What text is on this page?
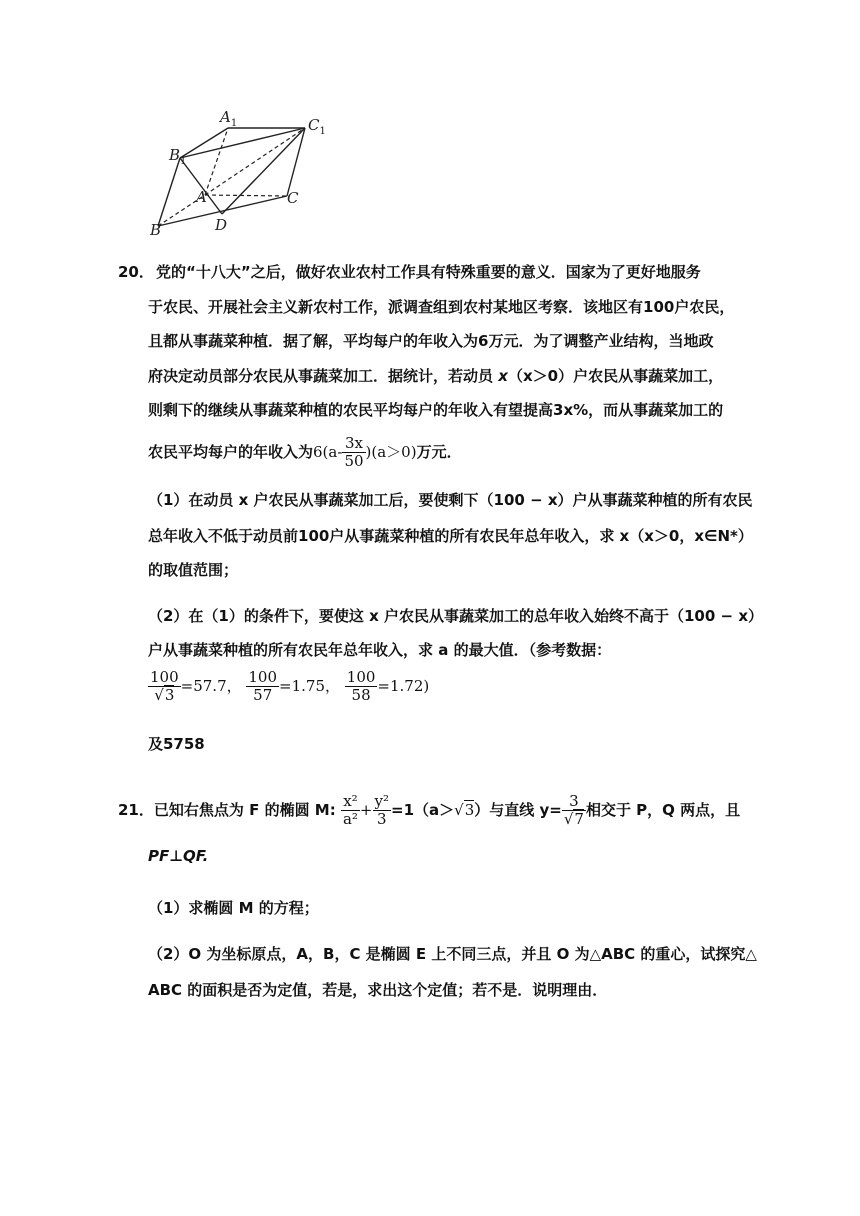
$A_1$	$C_1$
$B_1$
A	C
D
B
20． 党的“十八大”之后，做好农业农村工作具有特殊重要的意义．国家为了更好地服务
于农民、开展社会主义新农村工作，派调查组到农村某地区考察．该地区有100户农民，
且都从事蔬菜种植．据了解，平均每户的年收入为6万元．为了调整产业结构，当地政
府决定动员部分农民从事蔬菜加工．据统计，若动员 x（x＞0）户农民从事蔬菜加工，
则剩下的继续从事蔬菜种植的农民平均每户的年收入有望提高3x%，而从事蔬菜加工的
农民平均每户的年收入为$6(a- \frac{3x}{50} )(a>0)$万元．
（1）在动员 x 户农民从事蔬菜加工后，要使剩下（100 − x）户从事蔬菜种植的所有农民
总年收入不低于动员前100户从事蔬菜种植的所有农民年总年收入，求 x（x＞0，x∈N*）
的取值范围；
（2）在（1）的条件下，要使这 x 户农民从事蔬菜加工的总年收入始终不高于（100 − x）
户从事蔬菜种植的所有农民年总年收入，求 a 的最大值．（参考数据：
$\frac{100}{√3} =57.7$， $\frac{100}{57} =1.75$， $\frac{100}{58} =1.72$)
及5758
21．已知右焦点为 F 的椭圆 M: $\frac{\text{x²}}{\text{a²}} + \frac{\text{y²}}{3} =1(a>√3)$与直线 $y= \frac{3}{√7}$ 相交于 P，Q 两点，且
PF⊥QF.
（1）求椭圆 M 的方程；
（2）O 为坐标原点，A，B，C 是椭圆 E 上不同三点，并且 O 为△ABC 的重心，试探究△
ABC 的面积是否为定值，若是，求出这个定值；若不是．说明理由．
